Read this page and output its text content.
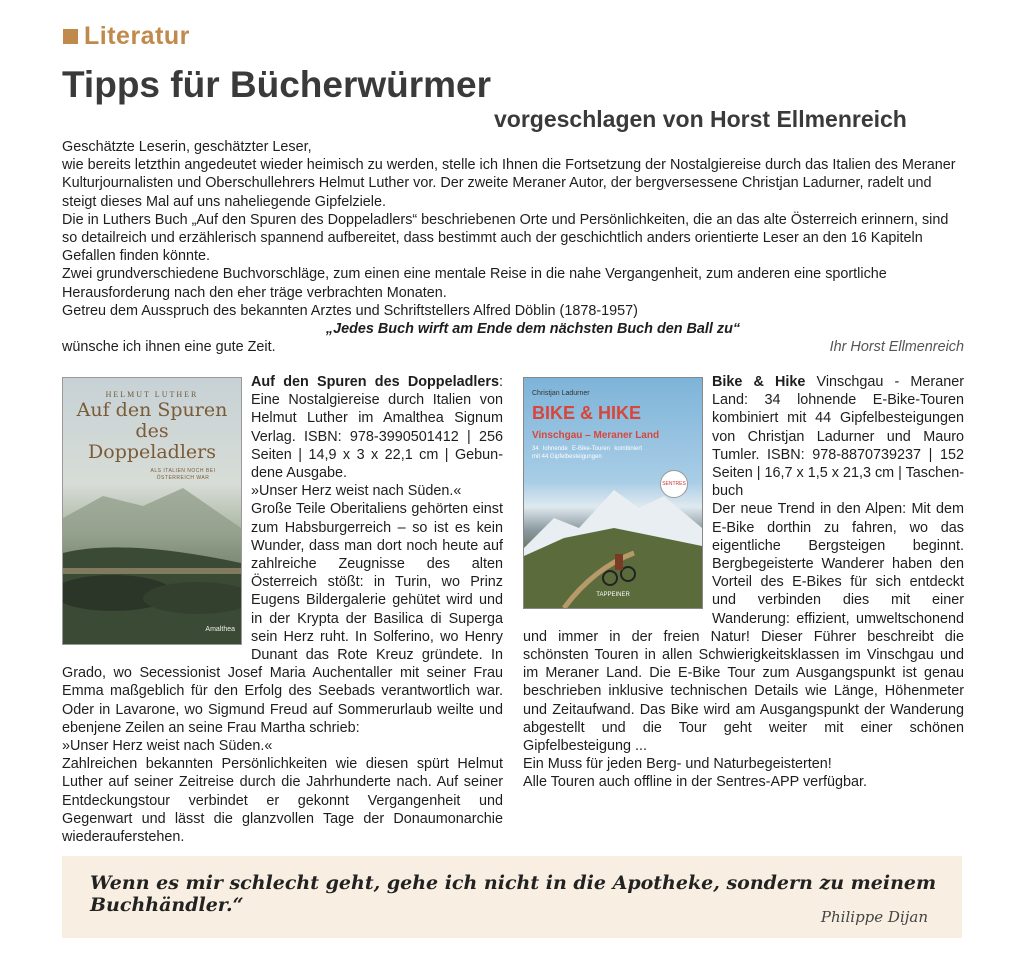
Literatur
Tipps für Bücherwürmer
vorgeschlagen von Horst Ellmenreich

Geschätzte Leserin, geschätzter Leser,

wie bereits letzthin angedeutet wieder heimisch zu werden, stelle ich Ihnen die Fortsetzung der Nostalgiereise durch das Italien des Meraner Kulturjournalisten und Oberschullehrers Helmut Luther vor. Der zweite Meraner Autor, der bergversessene Christjan Ladurner, radelt und steigt dieses Mal auf uns naheliegende Gipfelziele.

Die in Luthers Buch „Auf den Spuren des Doppeladlers“ beschriebenen Orte und Persönlichkeiten, die an das alte Österreich erinnern, sind so detailreich und erzählerisch spannend aufbereitet, dass bestimmt auch der geschichtlich anders orientierte Leser an den 16 Kapiteln Gefallen finden könnte.

Zwei grundverschiedene Buchvorschläge, zum einen eine mentale Reise in die nahe Vergangenheit, zum anderen eine sportliche Herausforderung nach den eher träge verbrachten Monaten.

Getreu dem Ausspruch des bekannten Arztes und Schriftstellers Alfred Döblin (1878-1957)

„Jedes Buch wirft am Ende dem nächsten Buch den Ball zu“

wünsche ich ihnen eine gute Zeit.	Ihr Horst Ellmenreich
HELMUT LUTHER
Auf den Spuren des Doppeladlers
ALS ITALIEN NOCH BEI ÖSTERREICH WAR
Amalthea

Auf den Spuren des Doppeladlers: Eine Nostalgiereise durch Italien von Helmut Luther im Amalthea Signum Verlag. ISBN: 978-3990501412 | 256 Seiten | 14,9 x 3 x 22,1 cm | Gebundene Ausgabe.

»Unser Herz weist nach Süden.«

Große Teile Oberitaliens gehörten einst zum Habsburgerreich – so ist es kein Wunder, dass man dort noch heute auf zahlreiche Zeugnisse des alten Österreich stößt: in Turin, wo Prinz Eugens Bildergalerie gehütet wird und in der Krypta der Basilica di Superga sein Herz ruht. In Solferino, wo Henry Dunant das Rote Kreuz gründete. In Grado, wo Secessionist Josef Maria Auchentaller mit seiner Frau Emma maßgeblich für den Erfolg des Seebads verantwortlich war. Oder in Lavarone, wo Sigmund Freud auf Sommerurlaub weilte und ebenjene Zeilen an seine Frau Martha schrieb:

»Unser Herz weist nach Süden.«

Zahlreichen bekannten Persönlichkeiten wie diesen spürt Helmut Luther auf seiner Zeitreise durch die Jahrhunderte nach. Auf seiner Entdeckungstour verbindet er gekonnt Vergangenheit und Gegenwart und lässt die glanzvollen Tage der Donaumonarchie wiederauferstehen.

Christjan Ladurner
BIKE & HIKE
Vinschgau – Meraner Land
34 lohnende E-Bike-Touren kombiniert mit 44 Gipfelbesteigungen
SENTRES
TAPPEINER

Bike & Hike Vinschgau - Meraner Land: 34 lohnende E-Bike-Touren kombiniert mit 44 Gipfelbesteigungen von Christjan Ladurner und Mauro Tumler. ISBN: 978-8870739237 | 152 Seiten | 16,7 x 1,5 x 21,3 cm | Taschenbuch

Der neue Trend in den Alpen: Mit dem E-Bike dorthin zu fahren, wo das eigentliche Bergsteigen beginnt. Bergbegeisterte Wanderer haben den Vorteil des E-Bikes für sich entdeckt und verbinden dies mit einer Wanderung: effizient, umweltschonend und immer in der freien Natur! Dieser Führer beschreibt die schönsten Touren in allen Schwierigkeitsklassen im Vinschgau und im Meraner Land. Die E-Bike Tour zum Ausgangspunkt ist genau beschrieben inklusive technischen Details wie Länge, Höhenmeter und Zeitaufwand. Das Bike wird am Ausgangspunkt der Wanderung abgestellt und die Tour geht weiter mit einer schönen Gipfelbesteigung ...

Ein Muss für jeden Berg- und Naturbegeisterten!

Alle Touren auch offline in der Sentres-APP verfügbar.

Wenn es mir schlecht geht, gehe ich nicht in die Apotheke, sondern zu meinem Buchhändler.“
Philippe Dijan
